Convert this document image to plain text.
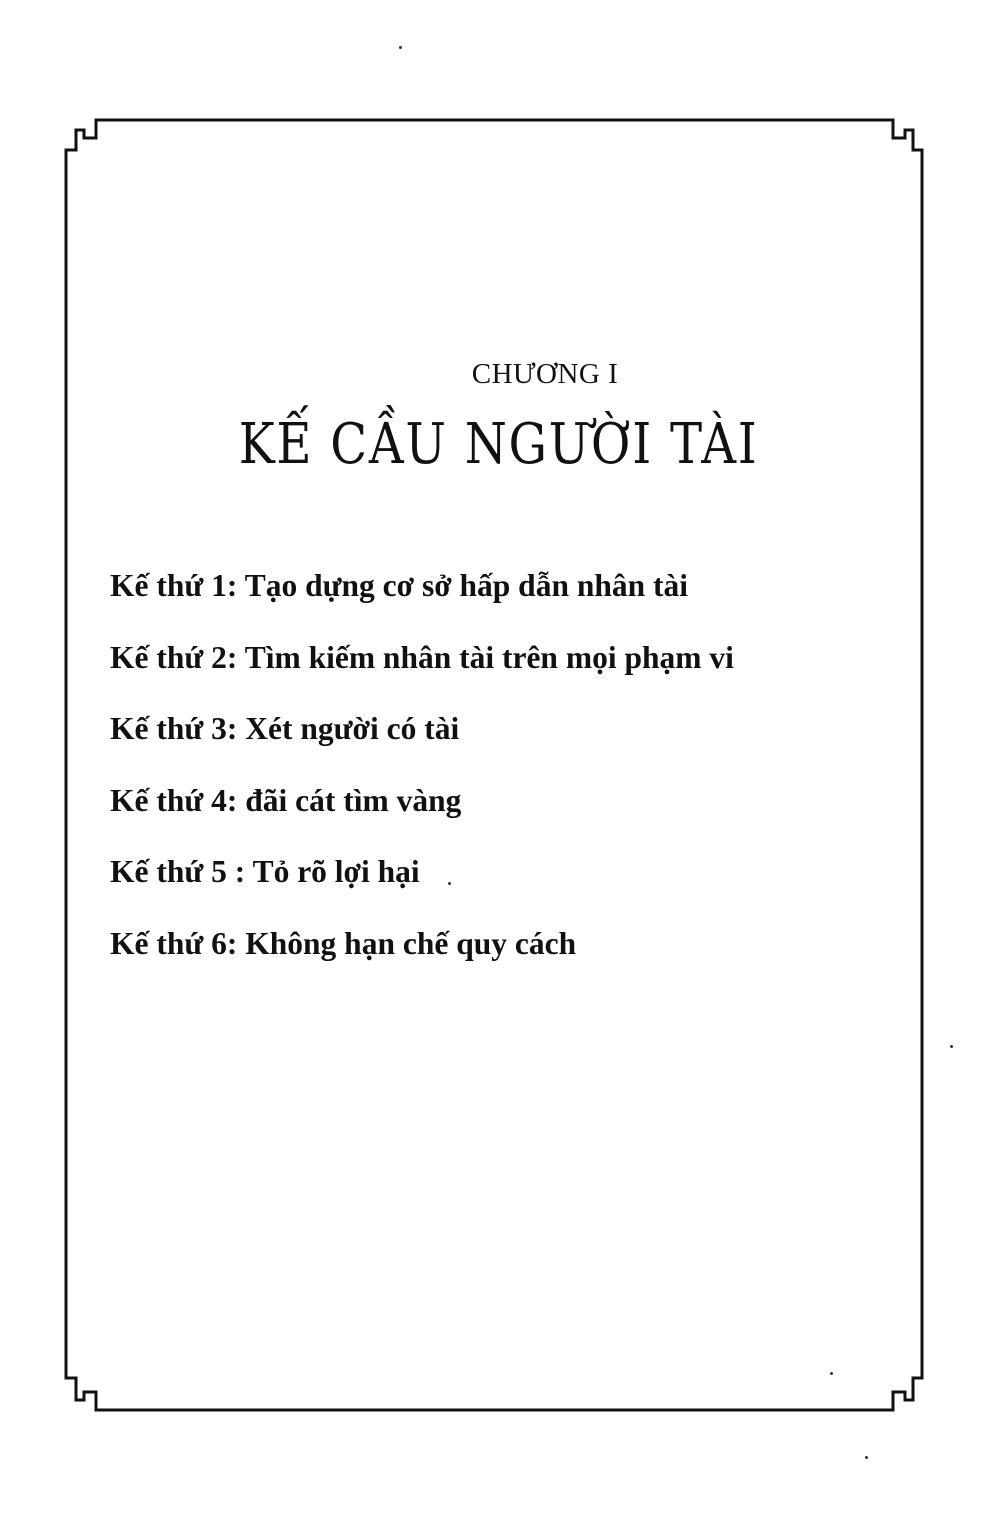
CHƯƠNG I
KẾ CẦU NGƯỜI TÀI
Kế thứ 1: Tạo dựng cơ sở hấp dẫn nhân tài
Kế thứ 2: Tìm kiếm nhân tài trên mọi phạm vi
Kế thứ 3: Xét người có tài
Kế thứ 4: đãi cát tìm vàng
Kế thứ 5 : Tỏ rõ lợi hại
Kế thứ 6: Không hạn chế quy cách
